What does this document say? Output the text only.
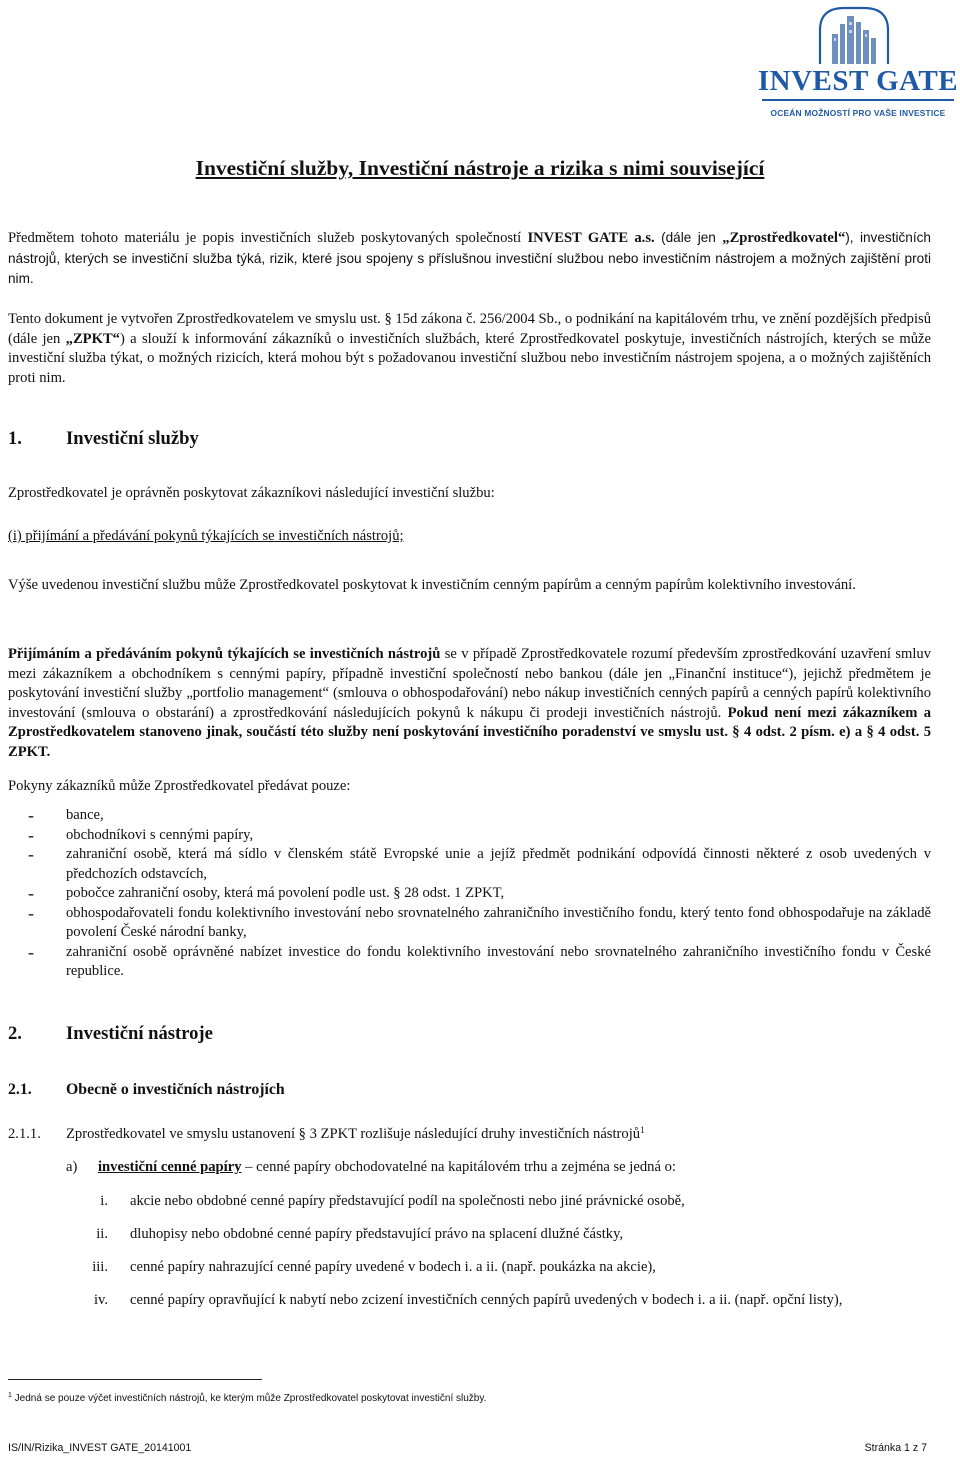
INVEST GATE
OCEÁN MOŽNOSTÍ PRO VAŠE INVESTICE
Investiční služby, Investiční nástroje a rizika s nimi související

Předmětem tohoto materiálu je popis investičních služeb poskytovaných společností INVEST GATE a.s. (dále jen „Zprostředkovatel“), investičních nástrojů, kterých se investiční služba týká, rizik, které jsou spojeny s příslušnou investiční službou nebo investičním nástrojem a možných zajištění proti nim.

Tento dokument je vytvořen Zprostředkovatelem ve smyslu ust. § 15d zákona č. 256/2004 Sb., o podnikání na kapitálovém trhu, ve znění pozdějších předpisů (dále jen „ZPKT“) a slouží k informování zákazníků o investičních službách, které Zprostředkovatel poskytuje, investičních nástrojích, kterých se může investiční služba týkat, o možných rizicích, která mohou být s požadovanou investiční službou nebo investičním nástrojem spojena, a o možných zajištěních proti nim.

1. Investiční služby

Zprostředkovatel je oprávněn poskytovat zákazníkovi následující investiční službu:

(i) přijímání a předávání pokynů týkajících se investičních nástrojů;

Výše uvedenou investiční službu může Zprostředkovatel poskytovat k investičním cenným papírům a cenným papírům kolektivního investování.

Přijímáním a předáváním pokynů týkajících se investičních nástrojů se v případě Zprostředkovatele rozumí především zprostředkování uzavření smluv mezi zákazníkem a obchodníkem s cennými papíry, případně investiční společností nebo bankou (dále jen „Finanční instituce“), jejichž předmětem je poskytování investiční služby „portfolio management“ (smlouva o obhospodařování) nebo nákup investičních cenných papírů a cenných papírů kolektivního investování (smlouva o obstarání) a zprostředkování následujících pokynů k nákupu či prodeji investičních nástrojů. Pokud není mezi zákazníkem a Zprostředkovatelem stanoveno jinak, součástí této služby není poskytování investičního poradenství ve smyslu ust. § 4 odst. 2 písm. e) a § 4 odst. 5 ZPKT.

Pokyny zákazníků může Zprostředkovatel předávat pouze:

- bance,
- obchodníkovi s cennými papíry,
- zahraniční osobě, která má sídlo v členském státě Evropské unie a jejíž předmět podnikání odpovídá činnosti některé z osob uvedených v předchozích odstavcích,
- pobočce zahraniční osoby, která má povolení podle ust. § 28 odst. 1 ZPKT,
- obhospodařovateli fondu kolektivního investování nebo srovnatelného zahraničního investičního fondu, který tento fond obhospodařuje na základě povolení České národní banky,
- zahraniční osobě oprávněné nabízet investice do fondu kolektivního investování nebo srovnatelného zahraničního investičního fondu v České republice.
2. Investiční nástroje
2.1. Obecně o investičních nástrojích
2.1.1. Zprostředkovatel ve smyslu ustanovení § 3 ZPKT rozlišuje následující druhy investičních nástrojů$^1$
a) investiční cenné papíry – cenné papíry obchodovatelné na kapitálovém trhu a zejména se jedná o:
i. akcie nebo obdobné cenné papíry představující podíl na společnosti nebo jiné právnické osobě,
ii. dluhopisy nebo obdobné cenné papíry představující právo na splacení dlužné částky,
iii. cenné papíry nahrazující cenné papíry uvedené v bodech i. a ii. (např. poukázka na akcie),
iv. cenné papíry opravňující k nabytí nebo zcizení investičních cenných papírů uvedených v bodech i. a ii. (např. opční listy),
$^1$ Jedná se pouze výčet investičních nástrojů, ke kterým může Zprostředkovatel poskytovat investiční služby.
IS/IN/Rizika_INVEST GATE_20141001	Stránka 1 z 7
